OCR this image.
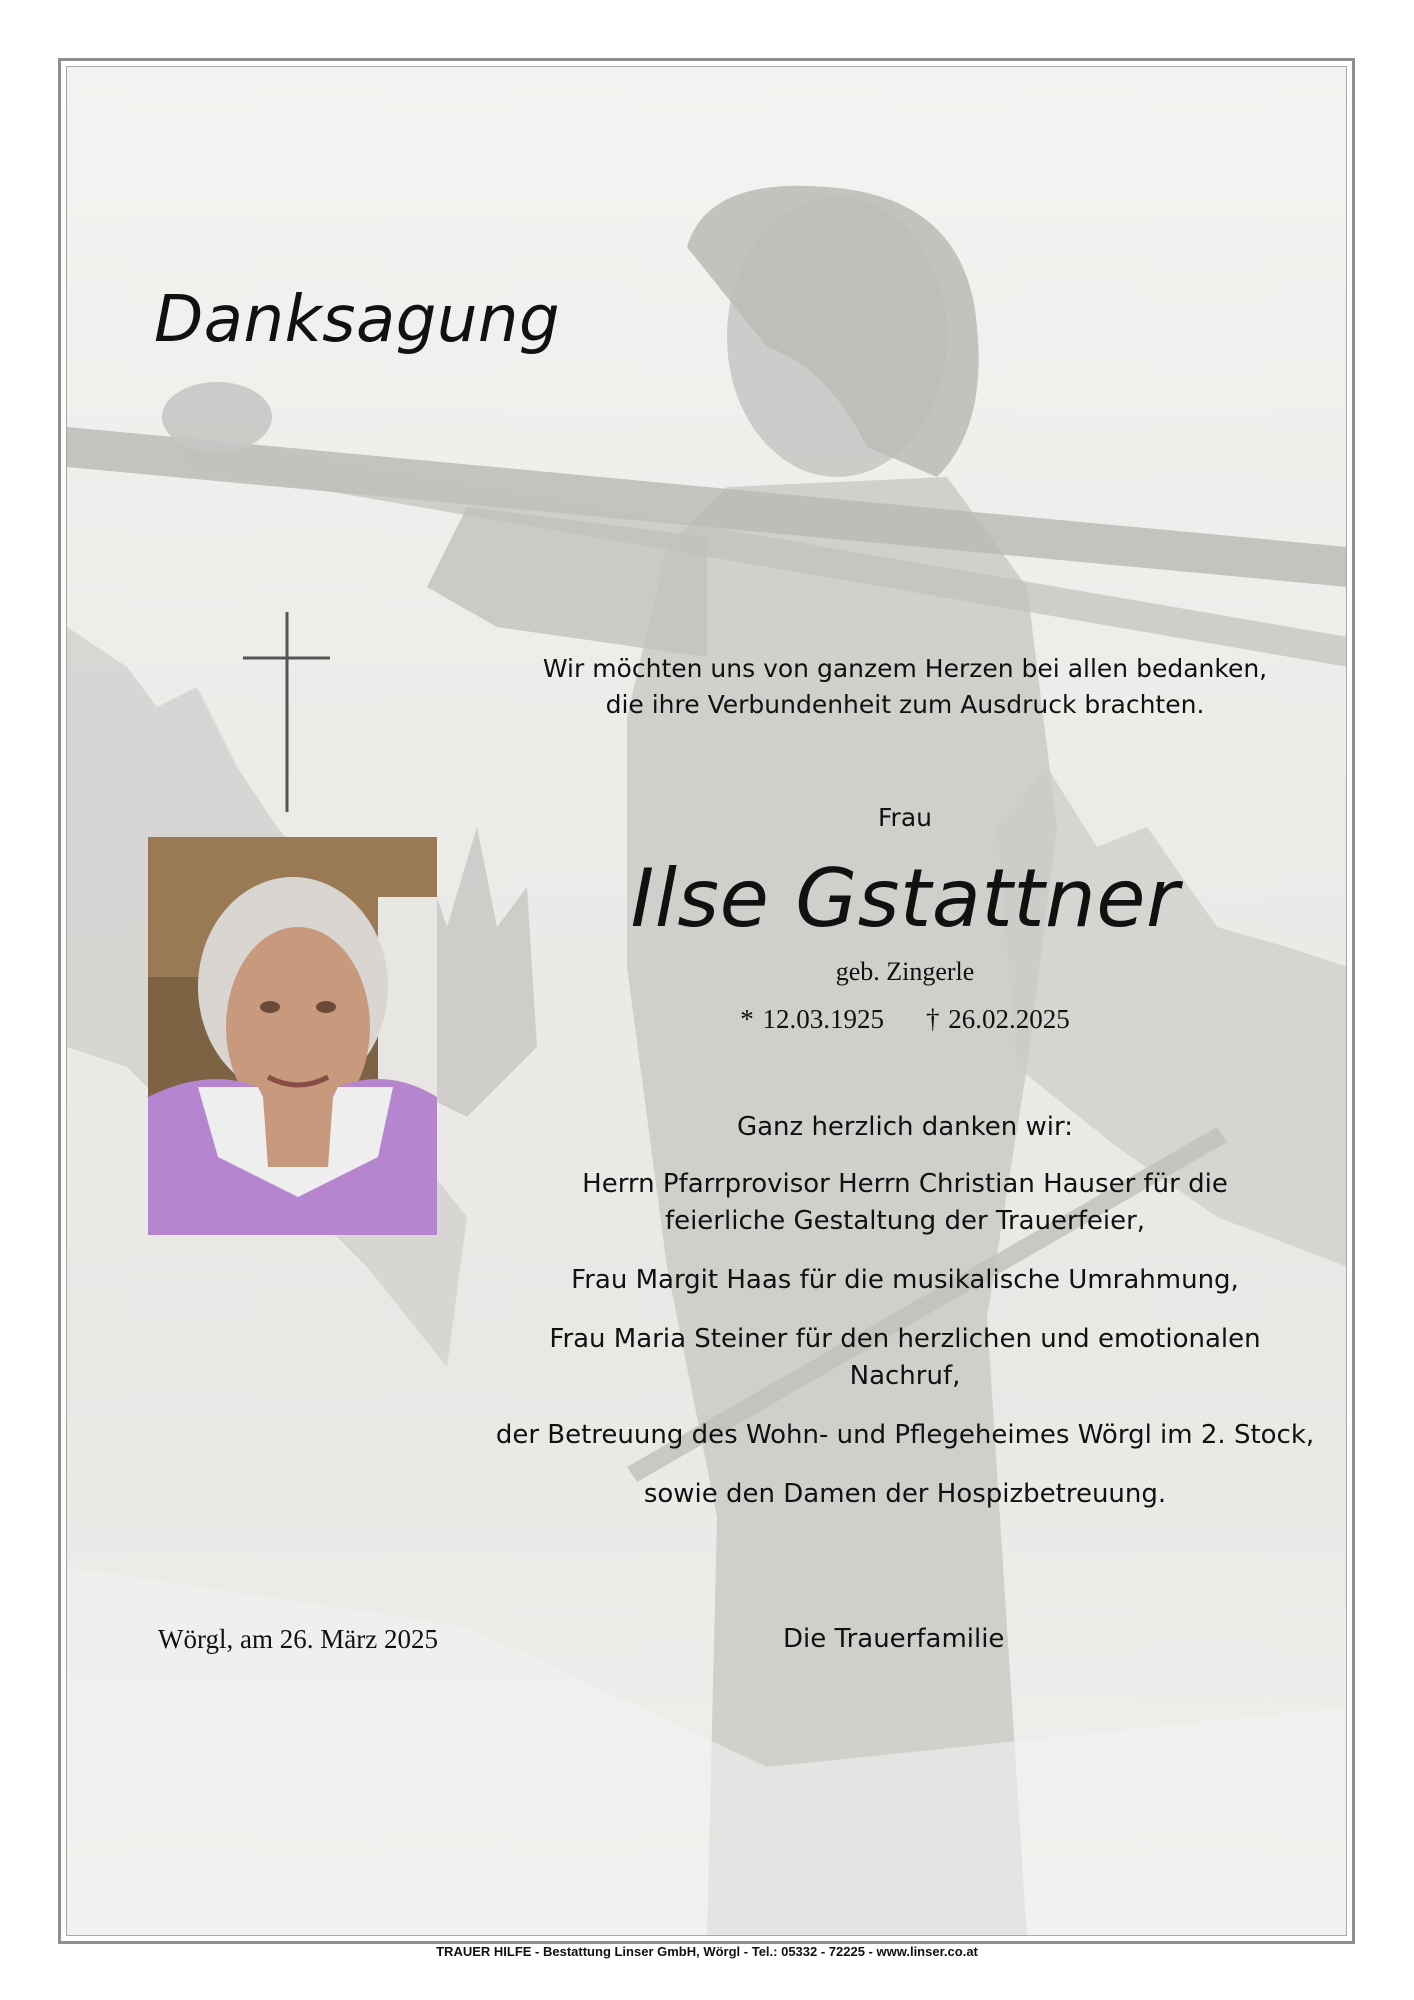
Danksagung
Wir möchten uns von ganzem Herzen bei allen bedanken,
die ihre Verbundenheit zum Ausdruck brachten.
Frau
Ilse Gstattner
geb. Zingerle
* 12.03.1925 † 26.02.2025
Ganz herzlich danken wir:
Herrn Pfarrprovisor Herrn Christian Hauser für die
feierliche Gestaltung der Trauerfeier,
Frau Margit Haas für die musikalische Umrahmung,
Frau Maria Steiner für den herzlichen und emotionalen
Nachruf,
der Betreuung des Wohn- und Pflegeheimes Wörgl im 2. Stock,
sowie den Damen der Hospizbetreuung.
Wörgl, am 26. März 2025	Die Trauerfamilie
TRAUER HILFE - Bestattung Linser GmbH, Wörgl - Tel.: 05332 - 72225 - www.linser.co.at
